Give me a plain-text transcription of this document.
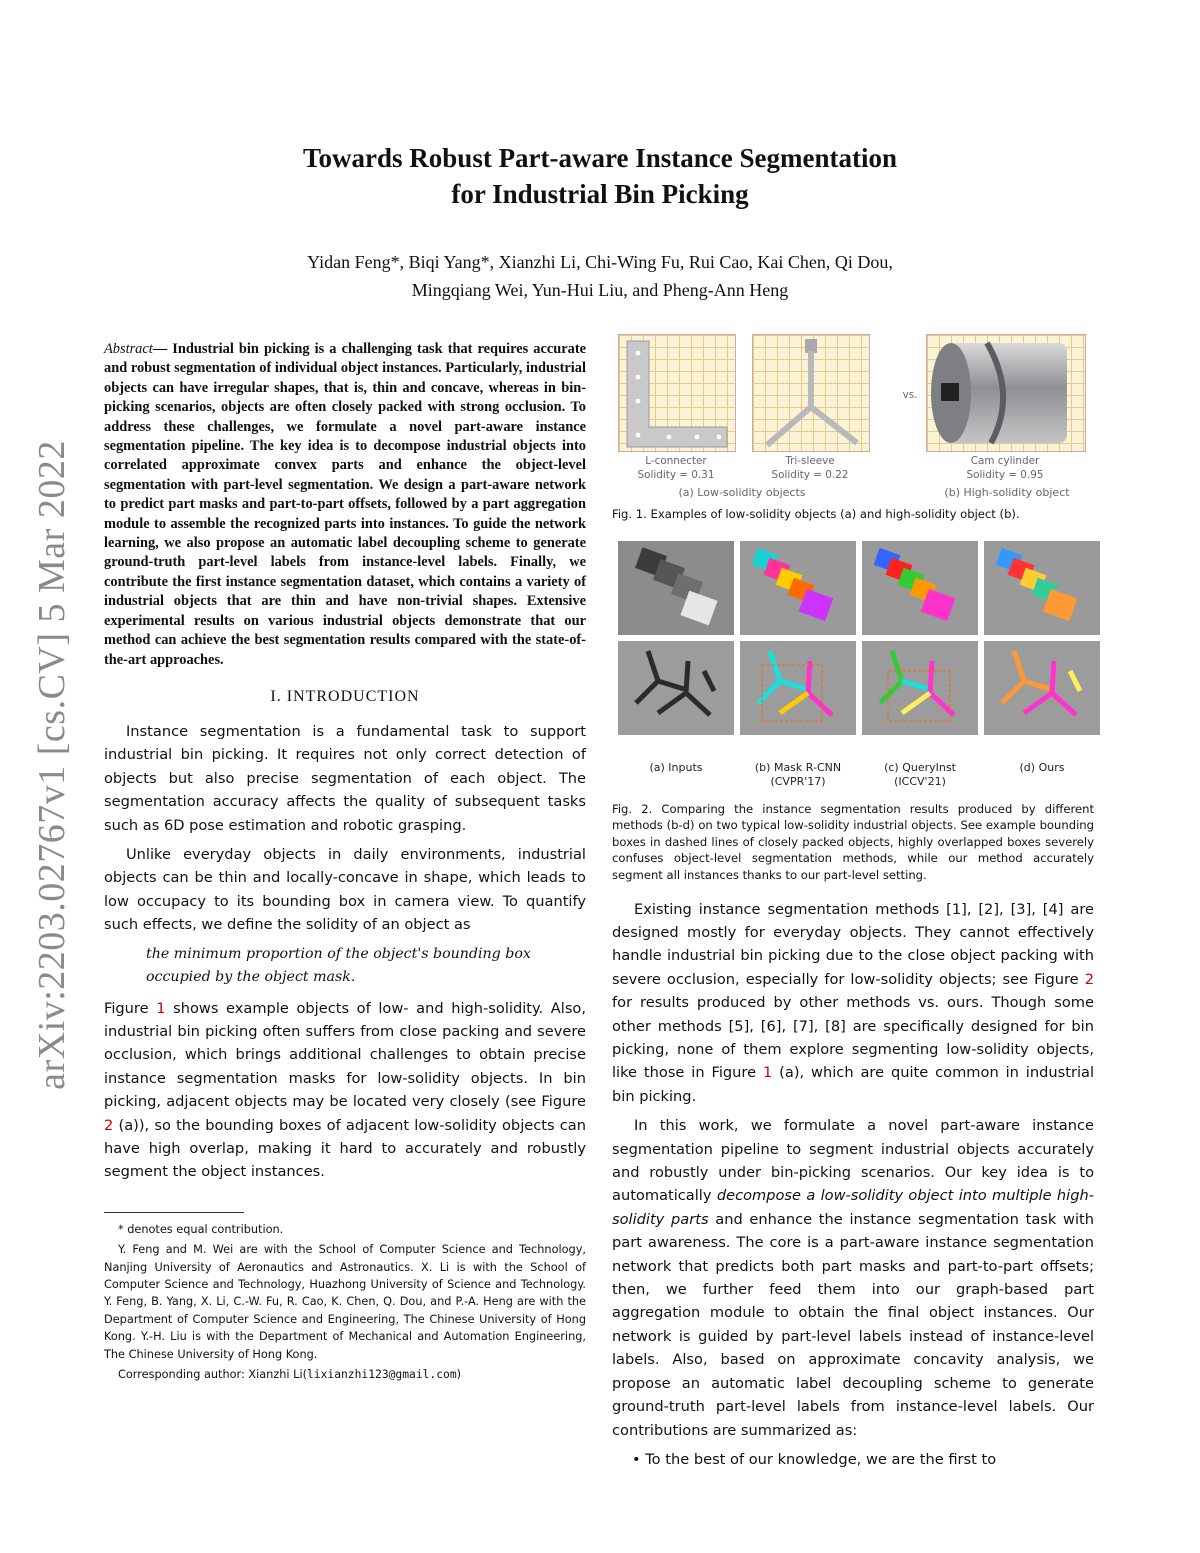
arXiv:2203.02767v1 [cs.CV] 5 Mar 2022
Towards Robust Part-aware Instance Segmentation
for Industrial Bin Picking
Yidan Feng*, Biqi Yang*, Xianzhi Li, Chi-Wing Fu, Rui Cao, Kai Chen, Qi Dou,
Mingqiang Wei, Yun-Hui Liu, and Pheng-Ann Heng

Abstract— Industrial bin picking is a challenging task that requires accurate and robust segmentation of individual object instances. Particularly, industrial objects can have irregular shapes, that is, thin and concave, whereas in bin-picking scenarios, objects are often closely packed with strong occlusion. To address these challenges, we formulate a novel part-aware instance segmentation pipeline. The key idea is to decompose industrial objects into correlated approximate convex parts and enhance the object-level segmentation with part-level segmentation. We design a part-aware network to predict part masks and part-to-part offsets, followed by a part aggregation module to assemble the recognized parts into instances. To guide the network learning, we also propose an automatic label decoupling scheme to generate ground-truth part-level labels from instance-level labels. Finally, we contribute the first instance segmentation dataset, which contains a variety of industrial objects that are thin and have non-trivial shapes. Extensive experimental results on various industrial objects demonstrate that our method can achieve the best segmentation results compared with the state-of-the-art approaches.

I. INTRODUCTION

Instance segmentation is a fundamental task to support industrial bin picking. It requires not only correct detection of objects but also precise segmentation of each object. The segmentation accuracy affects the quality of subsequent tasks such as 6D pose estimation and robotic grasping.

Unlike everyday objects in daily environments, industrial objects can be thin and locally-concave in shape, which leads to low occupacy to its bounding box in camera view. To quantify such effects, we define the solidity of an object as

the minimum proportion of the object's bounding box occupied by the object mask.

Figure 1 shows example objects of low- and high-solidity. Also, industrial bin picking often suffers from close packing and severe occlusion, which brings additional challenges to obtain precise instance segmentation masks for low-solidity objects. In bin picking, adjacent objects may be located very closely (see Figure 2 (a)), so the bounding boxes of adjacent low-solidity objects can have high overlap, making it hard to accurately and robustly segment the object instances.

* denotes equal contribution.

Y. Feng and M. Wei are with the School of Computer Science and Technology, Nanjing University of Aeronautics and Astronautics. X. Li is with the School of Computer Science and Technology, Huazhong University of Science and Technology. Y. Feng, B. Yang, X. Li, C.-W. Fu, R. Cao, K. Chen, Q. Dou, and P.-A. Heng are with the Department of Computer Science and Engineering, The Chinese University of Hong Kong. Y.-H. Liu is with the Department of Mechanical and Automation Engineering, The Chinese University of Hong Kong.

Corresponding author: Xianzhi Li(lixianzhi123@gmail.com)

vs.
L-connecter
Solidity = 0.31
Tri-sleeve
Solidity = 0.22
Cam cylinder
Solidity = 0.95
(a) Low-solidity objects	(b) High-solidity object

Fig. 1. Examples of low-solidity objects (a) and high-solidity object (b).

(a) Inputs	(b) Mask R-CNN
(CVPR'17)
(c) QueryInst
(ICCV'21)
(d) Ours

Fig. 2. Comparing the instance segmentation results produced by different methods (b-d) on two typical low-solidity industrial objects. See example bounding boxes in dashed lines of closely packed objects, highly overlapped boxes severely confuses object-level segmentation methods, while our method accurately segment all instances thanks to our part-level setting.

Existing instance segmentation methods [1], [2], [3], [4] are designed mostly for everyday objects. They cannot effectively handle industrial bin picking due to the close object packing with severe occlusion, especially for low-solidity objects; see Figure 2 for results produced by other methods vs. ours. Though some other methods [5], [6], [7], [8] are specifically designed for bin picking, none of them explore segmenting low-solidity objects, like those in Figure 1 (a), which are quite common in industrial bin picking.

In this work, we formulate a novel part-aware instance segmentation pipeline to segment industrial objects accurately and robustly under bin-picking scenarios. Our key idea is to automatically decompose a low-solidity object into multiple high-solidity parts and enhance the instance segmentation task with part awareness. The core is a part-aware instance segmentation network that predicts both part masks and part-to-part offsets; then, we further feed them into our graph-based part aggregation module to obtain the final object instances. Our network is guided by part-level labels instead of instance-level labels. Also, based on approximate concavity analysis, we propose an automatic label decoupling scheme to generate ground-truth part-level labels from instance-level labels. Our contributions are summarized as:

• To the best of our knowledge, we are the first to
